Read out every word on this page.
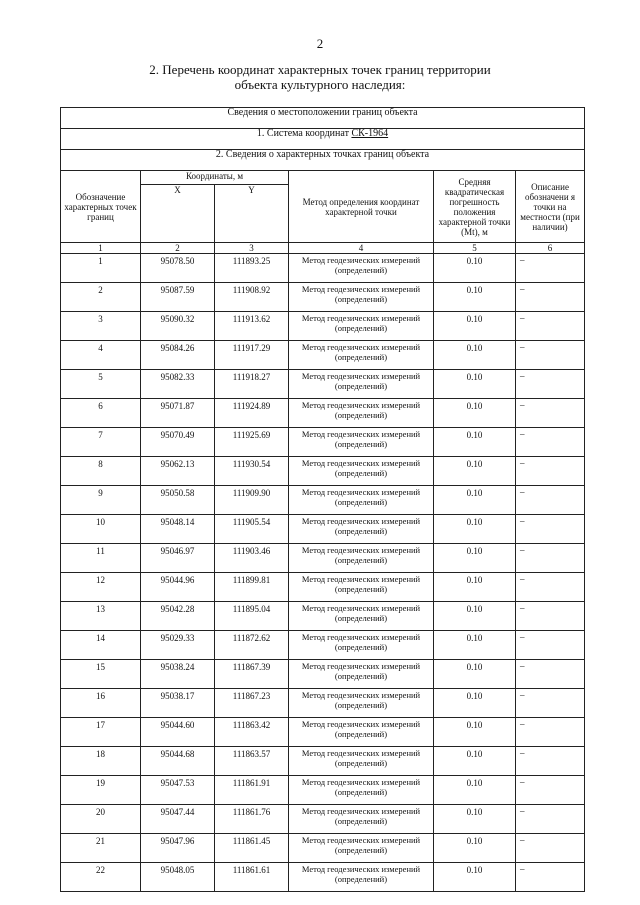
2
2. Перечень координат характерных точек границ территории
объекта культурного наследия:
Сведения о местоположении границ объекта					
1. Система координат СК-1964					
2. Сведения о характерных точках границ объекта					
Обозначение характерных точек границ	Координаты, м		Метод определения координат характерной точки	Средняя квадратическая погрешность положения характерной точки (Mt), м	Описание обозначени я точки на местности (при наличии)
	X	Y			
1	2	3	4	5	6
1	95078.50	111893.25	Метод геодезических измерений (определений)	0.10	–
2	95087.59	111908.92	Метод геодезических измерений (определений)	0.10	–
3	95090.32	111913.62	Метод геодезических измерений (определений)	0.10	–
4	95084.26	111917.29	Метод геодезических измерений (определений)	0.10	–
5	95082.33	111918.27	Метод геодезических измерений (определений)	0.10	–
6	95071.87	111924.89	Метод геодезических измерений (определений)	0.10	–
7	95070.49	111925.69	Метод геодезических измерений (определений)	0.10	–
8	95062.13	111930.54	Метод геодезических измерений (определений)	0.10	–
9	95050.58	111909.90	Метод геодезических измерений (определений)	0.10	–
10	95048.14	111905.54	Метод геодезических измерений (определений)	0.10	–
11	95046.97	111903.46	Метод геодезических измерений (определений)	0.10	–
12	95044.96	111899.81	Метод геодезических измерений (определений)	0.10	–
13	95042.28	111895.04	Метод геодезических измерений (определений)	0.10	–
14	95029.33	111872.62	Метод геодезических измерений (определений)	0.10	–
15	95038.24	111867.39	Метод геодезических измерений (определений)	0.10	–
16	95038.17	111867.23	Метод геодезических измерений (определений)	0.10	–
17	95044.60	111863.42	Метод геодезических измерений (определений)	0.10	–
18	95044.68	111863.57	Метод геодезических измерений (определений)	0.10	–
19	95047.53	111861.91	Метод геодезических измерений (определений)	0.10	–
20	95047.44	111861.76	Метод геодезических измерений (определений)	0.10	–
21	95047.96	111861.45	Метод геодезических измерений (определений)	0.10	–
22	95048.05	111861.61	Метод геодезических измерений (определений)	0.10	–
